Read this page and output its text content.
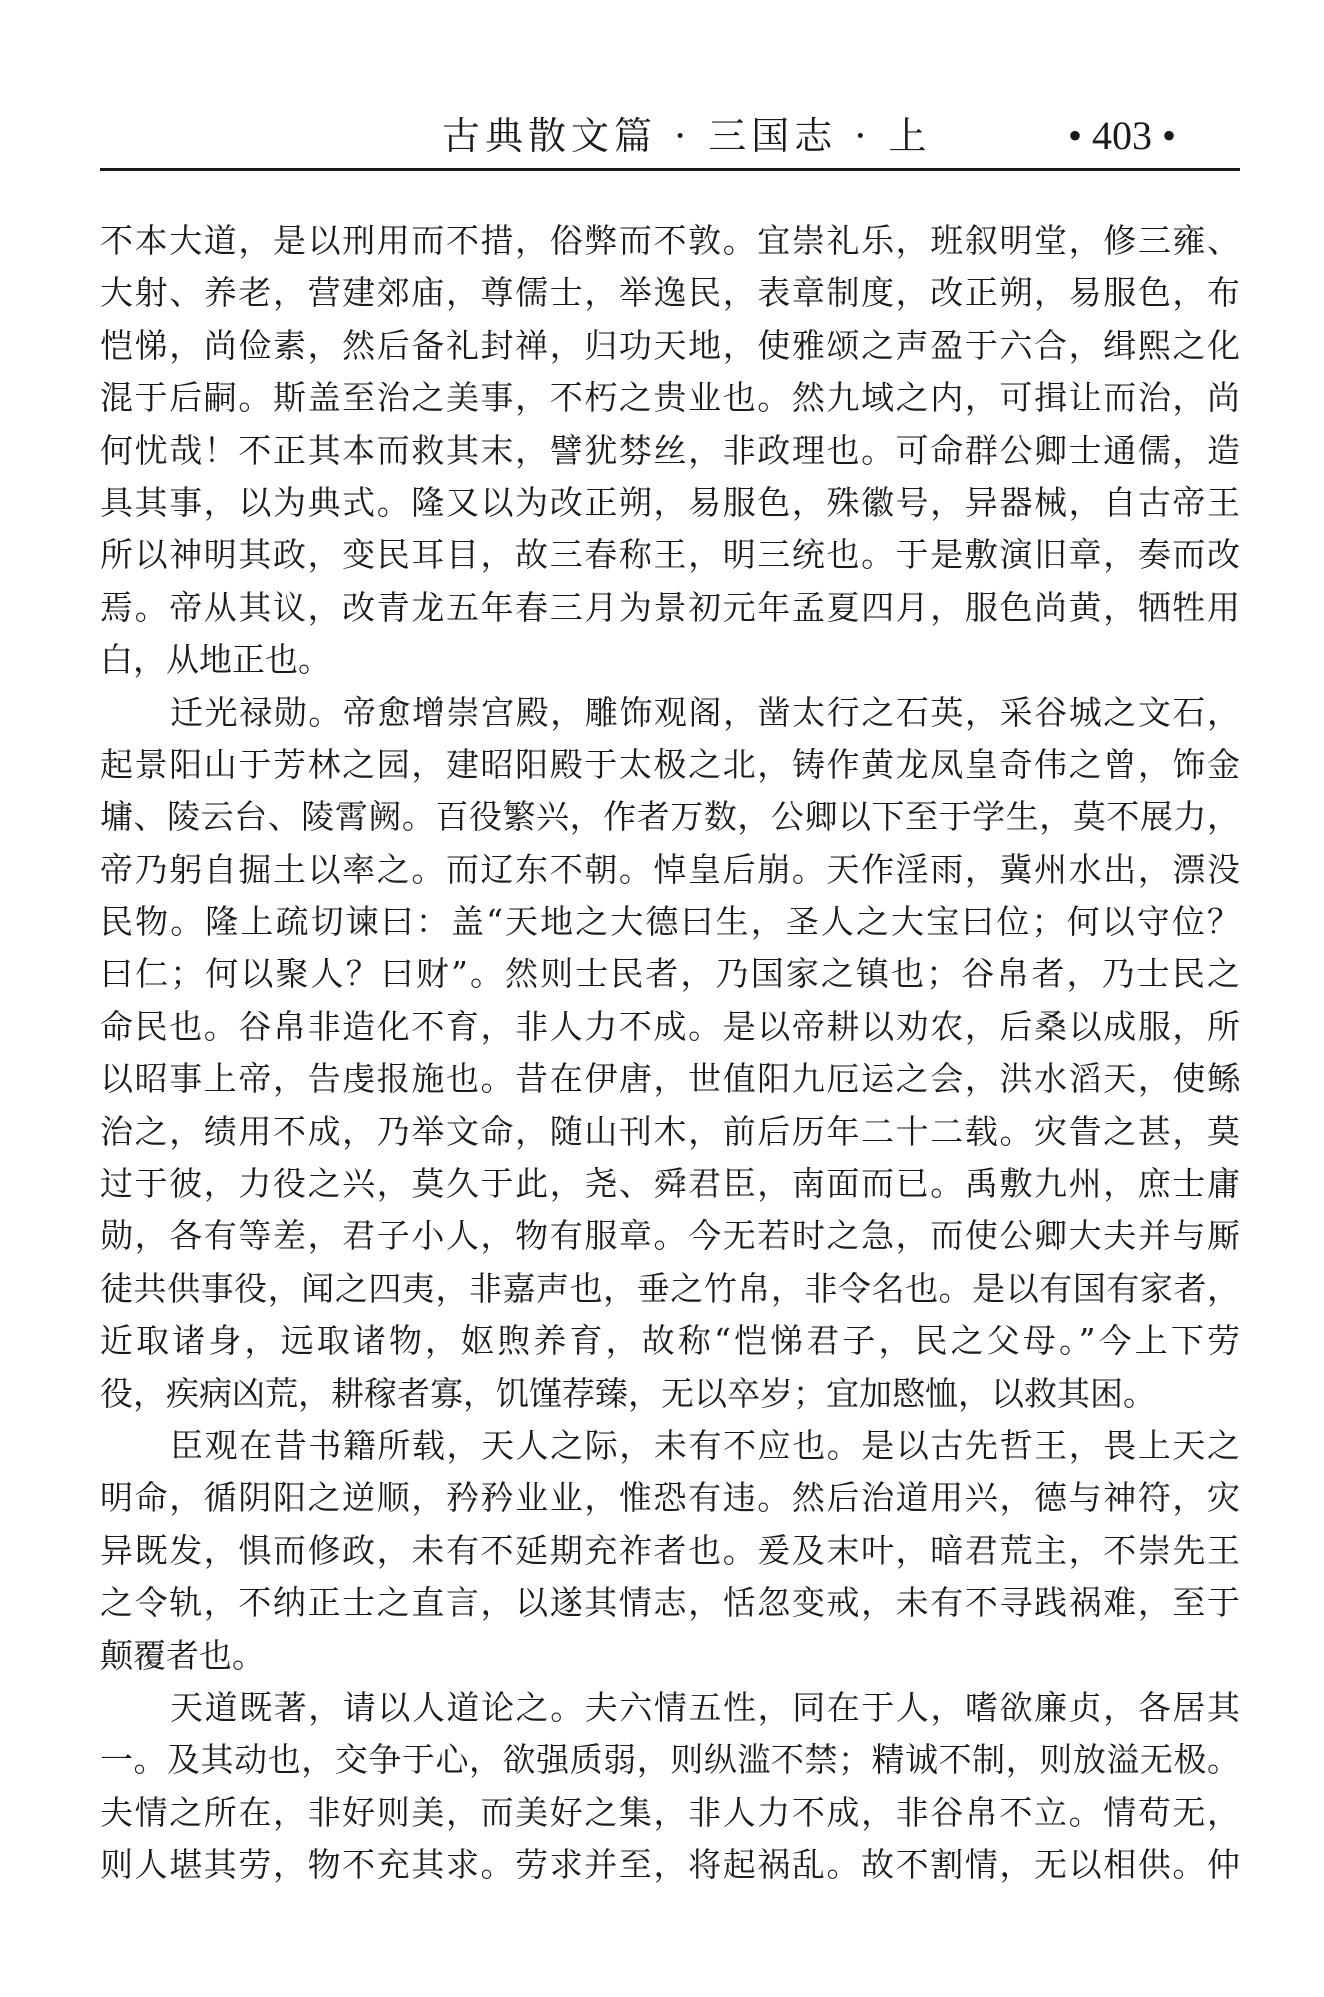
古典散文篇 · 三国志 · 上	• 403 •
不本大道，是以刑用而不措，俗弊而不敦。宜崇礼乐，班叙明堂，修三雍、
大射、养老，营建郊庙，尊儒士，举逸民，表章制度，改正朔，易服色，布
恺悌，尚俭素，然后备礼封禅，归功天地，使雅颂之声盈于六合，缉熙之化
混于后嗣。斯盖至治之美事，不朽之贵业也。然九域之内，可揖让而治，尚
何忧哉！不正其本而救其末，譬犹棼丝，非政理也。可命群公卿士通儒，造
具其事，以为典式。隆又以为改正朔，易服色，殊徽号，异器械，自古帝王
所以神明其政，变民耳目，故三春称王，明三统也。于是敷演旧章，奏而改
焉。帝从其议，改青龙五年春三月为景初元年孟夏四月，服色尚黄，牺牲用
白，从地正也。
迁光禄勋。帝愈增崇宫殿，雕饰观阁，凿太行之石英，采谷城之文石，
起景阳山于芳林之园，建昭阳殿于太极之北，铸作黄龙凤皇奇伟之曾，饰金
墉、陵云台、陵霄阙。百役繁兴，作者万数，公卿以下至于学生，莫不展力，
帝乃躬自掘土以率之。而辽东不朝。悼皇后崩。天作淫雨，冀州水出，漂没
民物。隆上疏切谏曰：盖“天地之大德曰生，圣人之大宝曰位；何以守位？
曰仁；何以聚人？曰财”。然则士民者，乃国家之镇也；谷帛者，乃士民之
命民也。谷帛非造化不育，非人力不成。是以帝耕以劝农，后桑以成服，所
以昭事上帝，告虔报施也。昔在伊唐，世值阳九厄运之会，洪水滔天，使鲧
治之，绩用不成，乃举文命，随山刊木，前后历年二十二载。灾眚之甚，莫
过于彼，力役之兴，莫久于此，尧、舜君臣，南面而已。禹敷九州，庶士庸
勋，各有等差，君子小人，物有服章。今无若时之急，而使公卿大夫并与厮
徒共供事役，闻之四夷，非嘉声也，垂之竹帛，非令名也。是以有国有家者，
近取诸身，远取诸物，妪煦养育，故称“恺悌君子，民之父母。”今上下劳
役，疾病凶荒，耕稼者寡，饥馑荐臻，无以卒岁；宜加愍恤，以救其困。
臣观在昔书籍所载，天人之际，未有不应也。是以古先哲王，畏上天之
明命，循阴阳之逆顺，矜矜业业，惟恐有违。然后治道用兴，德与神符，灾
异既发，惧而修政，未有不延期充祚者也。爰及末叶，暗君荒主，不崇先王
之令轨，不纳正士之直言，以遂其情志，恬忽变戒，未有不寻践祸难，至于
颠覆者也。
天道既著，请以人道论之。夫六情五性，同在于人，嗜欲廉贞，各居其
一。及其动也，交争于心，欲强质弱，则纵滥不禁；精诚不制，则放溢无极。
夫情之所在，非好则美，而美好之集，非人力不成，非谷帛不立。情苟无，
则人堪其劳，物不充其求。劳求并至，将起祸乱。故不割情，无以相供。仲
